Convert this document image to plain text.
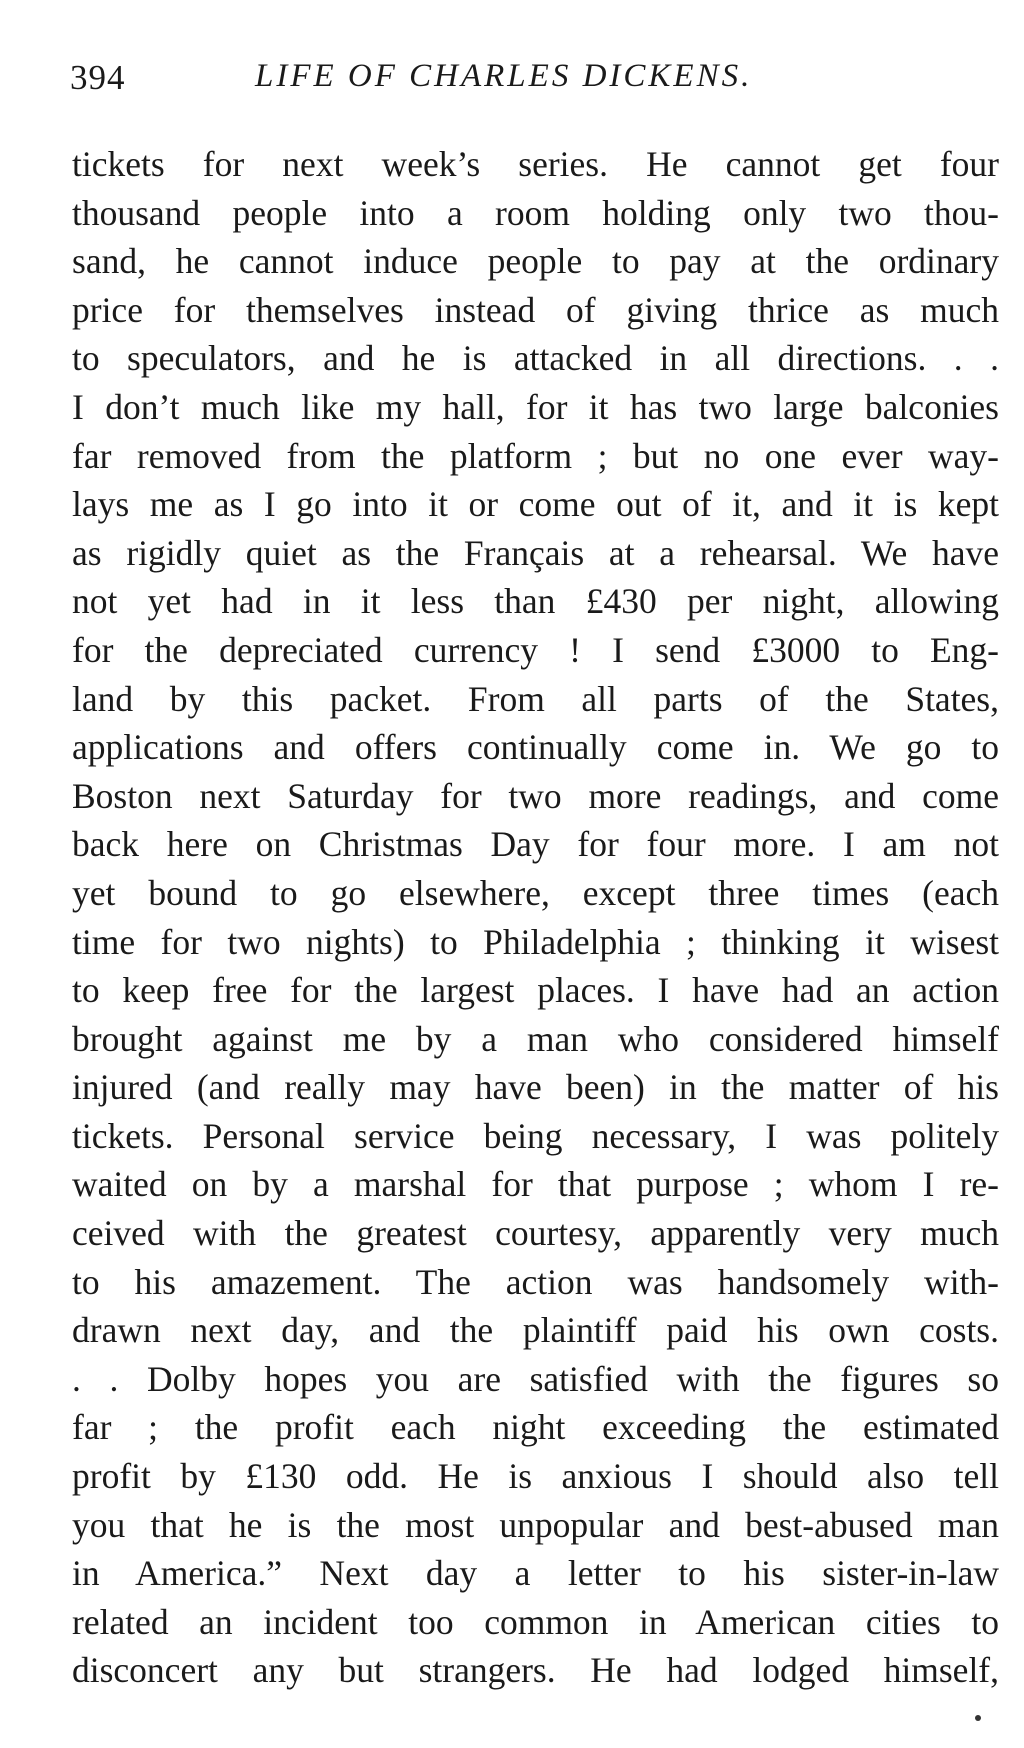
394	LIFE OF CHARLES DICKENS.
tickets for next week’s series. He cannot get four
thousand people into a room holding only two thou-
sand, he cannot induce people to pay at the ordinary
price for themselves instead of giving thrice as much
to speculators, and he is attacked in all directions. . .
I don’t much like my hall, for it has two large balconies
far removed from the platform ; but no one ever way-
lays me as I go into it or come out of it, and it is kept
as rigidly quiet as the Français at a rehearsal. We have
not yet had in it less than £430 per night, allowing
for the depreciated currency ! I send £3000 to Eng-
land by this packet. From all parts of the States,
applications and offers continually come in. We go to
Boston next Saturday for two more readings, and come
back here on Christmas Day for four more. I am not
yet bound to go elsewhere, except three times (each
time for two nights) to Philadelphia ; thinking it wisest
to keep free for the largest places. I have had an action
brought against me by a man who considered himself
injured (and really may have been) in the matter of his
tickets. Personal service being necessary, I was politely
waited on by a marshal for that purpose ; whom I re-
ceived with the greatest courtesy, apparently very much
to his amazement. The action was handsomely with-
drawn next day, and the plaintiff paid his own costs.
. . Dolby hopes you are satisfied with the figures so
far ; the profit each night exceeding the estimated
profit by £130 odd. He is anxious I should also tell
you that he is the most unpopular and best-abused man
in America.” Next day a letter to his sister-in-law
related an incident too common in American cities to
disconcert any but strangers. He had lodged himself,
